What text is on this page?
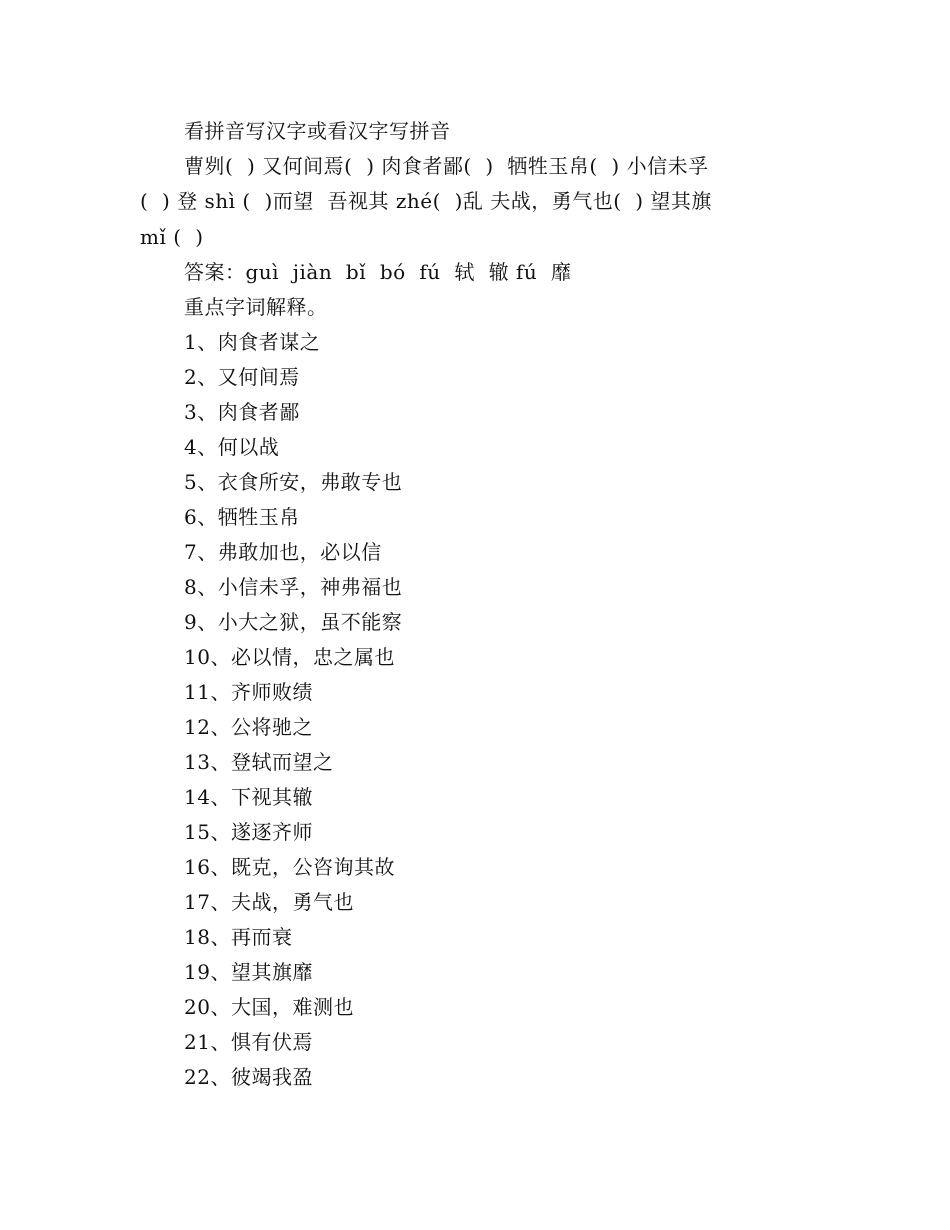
看拼音写汉字或看汉字写拼音
曹刿(  ) 又何间焉(  ) 肉食者鄙(  )  牺牲玉帛(  ) 小信未孚
(  ) 登 shì (  )而望  吾视其 zhé(  )乱 夫战，勇气也(  ) 望其旗
mǐ (  )
答案：guì  jiàn  bǐ  bó  fú  轼  辙 fú  靡
重点字词解释。
1、肉食者谋之
2、又何间焉
3、肉食者鄙
4、何以战
5、衣食所安，弗敢专也
6、牺牲玉帛
7、弗敢加也，必以信
8、小信未孚，神弗福也
9、小大之狱，虽不能察
10、必以情，忠之属也
11、齐师败绩
12、公将驰之
13、登轼而望之
14、下视其辙
15、遂逐齐师
16、既克，公咨询其故
17、夫战，勇气也
18、再而衰
19、望其旗靡
20、大国，难测也
21、惧有伏焉
22、彼竭我盈
